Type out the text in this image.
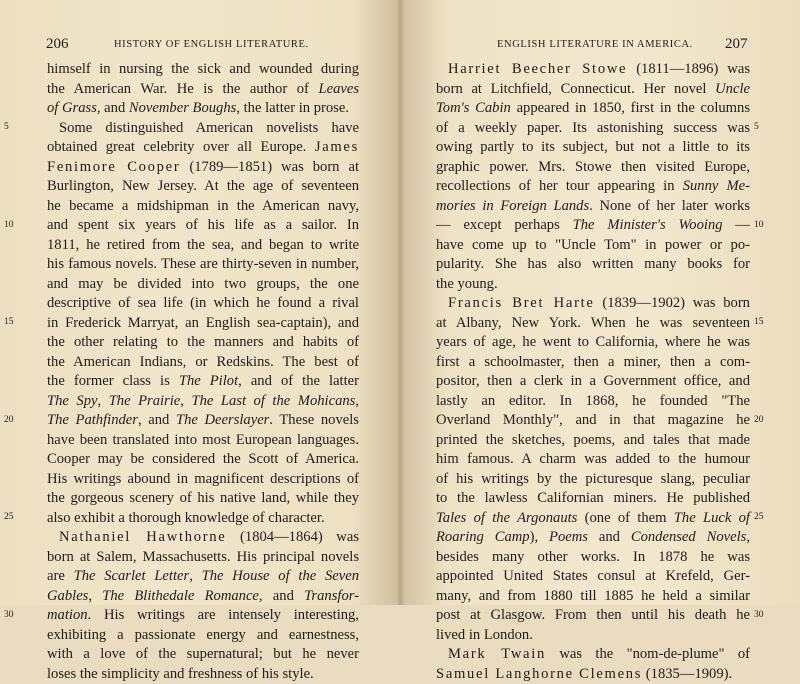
206	HISTORY OF ENGLISH LITERATURE.
5
10
15
20
25
30
himself in nursing the sick and wounded during
the American War. He is the author of Leaves
of Grass, and November Boughs, the latter in prose.
Some distinguished American novelists have
obtained great celebrity over all Europe. James
Fenimore Cooper (1789—1851) was born at
Burlington, New Jersey. At the age of seventeen
he became a midshipman in the American navy,
and spent six years of his life as a sailor. In
1811, he retired from the sea, and began to write
his famous novels. These are thirty-seven in number,
and may be divided into two groups, the one
descriptive of sea life (in which he found a rival
in Frederick Marryat, an English sea-captain), and
the other relating to the manners and habits of
the American Indians, or Redskins. The best of
the former class is The Pilot, and of the latter
The Spy, The Prairie, The Last of the Mohicans,
The Pathfinder, and The Deerslayer. These novels
have been translated into most European languages.
Cooper may be considered the Scott of America.
His writings abound in magnificent descriptions of
the gorgeous scenery of his native land, while they
also exhibit a thorough knowledge of character.
Nathaniel Hawthorne (1804—1864) was
born at Salem, Massachusetts. His principal novels
are The Scarlet Letter, The House of the Seven
Gables, The Blithedale Romance, and Transfor-
mation. His writings are intensely interesting,
exhibiting a passionate energy and earnestness,
with a love of the supernatural; but he never
loses the simplicity and freshness of his style.
ENGLISH LITERATURE IN AMERICA. 207
5
10
15
20
25
30
Harriet Beecher Stowe (1811—1896) was
born at Litchfield, Connecticut. Her novel Uncle
Tom's Cabin appeared in 1850, first in the columns
of a weekly paper. Its astonishing success was
owing partly to its subject, but not a little to its
graphic power. Mrs. Stowe then visited Europe,
recollections of her tour appearing in Sunny Me-
mories in Foreign Lands. None of her later works
— except perhaps The Minister's Wooing —
have come up to "Uncle Tom" in power or po-
pularity. She has also written many books for
the young.
Francis Bret Harte (1839—1902) was born
at Albany, New York. When he was seventeen
years of age, he went to California, where he was
first a schoolmaster, then a miner, then a com-
positor, then a clerk in a Government office, and
lastly an editor. In 1868, he founded "The
Overland Monthly", and in that magazine he
printed the sketches, poems, and tales that made
him famous. A charm was added to the humour
of his writings by the picturesque slang, peculiar
to the lawless Californian miners. He published
Tales of the Argonauts (one of them The Luck of
Roaring Camp), Poems and Condensed Novels,
besides many other works. In 1878 he was
appointed United States consul at Krefeld, Ger-
many, and from 1880 till 1885 he held a similar
post at Glasgow. From then until his death he
lived in London.
Mark Twain was the "nom-de-plume" of
Samuel Langhorne Clemens (1835—1909).
